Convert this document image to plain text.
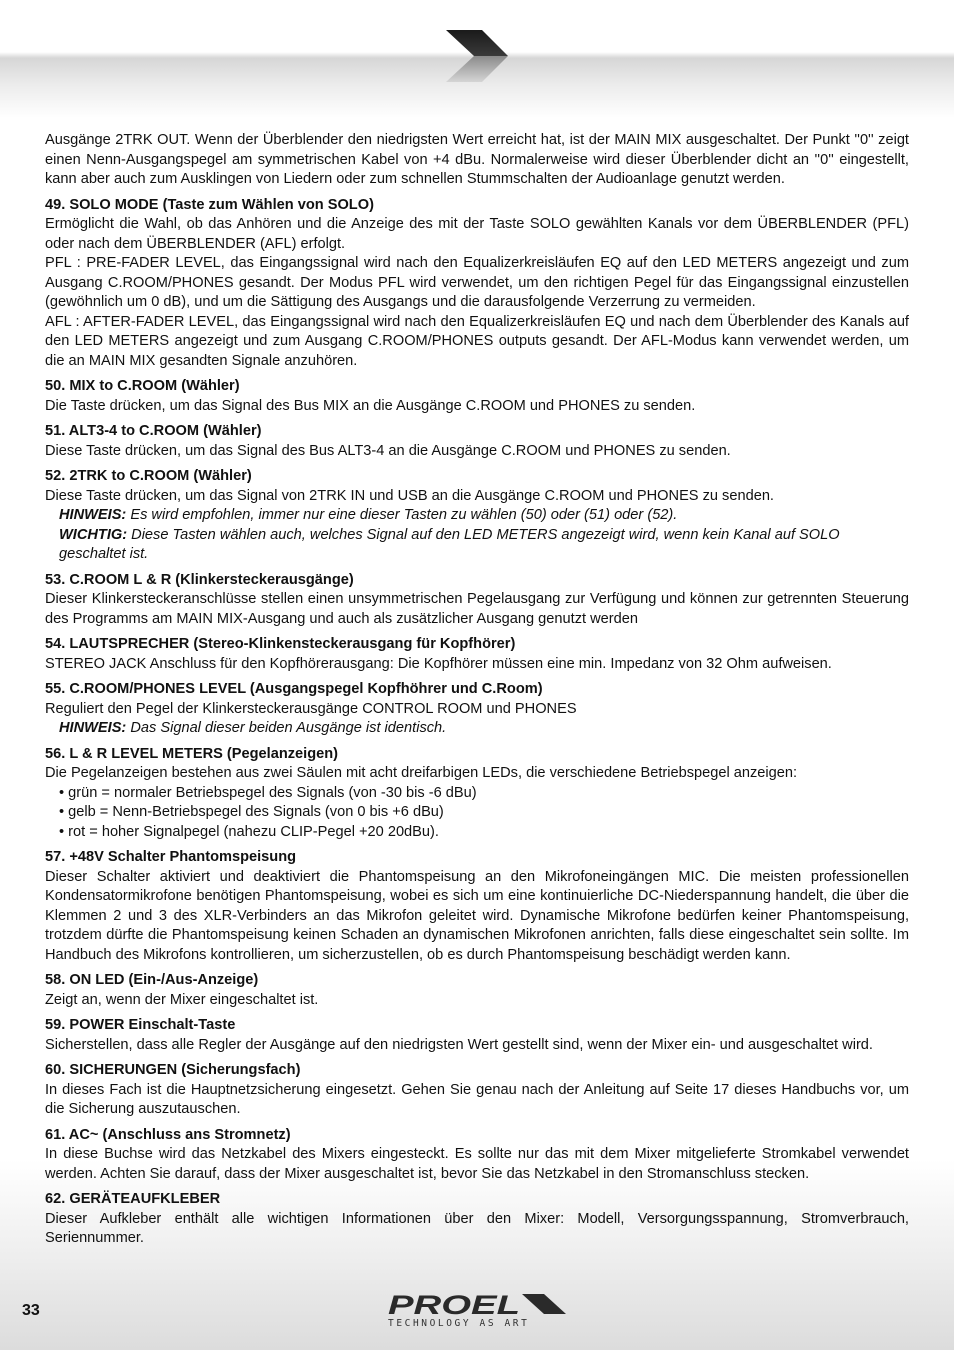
Ausgänge 2TRK OUT. Wenn der Überblender den niedrigsten Wert erreicht hat, ist der MAIN MIX ausgeschaltet. Der Punkt ''0'' zeigt einen Nenn-Ausgangspegel am symmetrischen Kabel von +4 dBu. Normalerweise wird dieser Überblender dicht an ''0'' eingestellt, kann aber auch zum Ausklingen von Liedern oder zum schnellen Stummschalten der Audioanlage genutzt werden.

49. SOLO MODE (Taste zum Wählen von SOLO)

Ermöglicht die Wahl, ob das Anhören und die Anzeige des mit der Taste SOLO gewählten Kanals vor dem ÜBERBLENDER (PFL) oder nach dem ÜBERBLENDER (AFL) erfolgt.

PFL : PRE-FADER LEVEL, das Eingangssignal wird nach den Equalizerkreisläufen EQ auf den LED METERS angezeigt und zum Ausgang C.ROOM/PHONES gesandt. Der Modus PFL wird verwendet, um den richtigen Pegel für das Eingangssignal einzustellen (gewöhnlich um 0 dB), und um die Sättigung des Ausgangs und die darausfolgende Verzerrung zu vermeiden.

AFL : AFTER-FADER LEVEL, das Eingangssignal wird nach den Equalizerkreisläufen EQ und nach dem Überblender des Kanals auf den LED METERS angezeigt und zum Ausgang C.ROOM/PHONES outputs gesandt. Der AFL-Modus kann verwendet werden, um die an MAIN MIX gesandten Signale anzuhören.

50. MIX to C.ROOM (Wähler)

Die Taste drücken, um das Signal des Bus MIX an die Ausgänge C.ROOM und PHONES zu senden.

51. ALT3-4 to C.ROOM (Wähler)

Diese Taste drücken, um das Signal des Bus ALT3-4 an die Ausgänge C.ROOM und PHONES zu senden.

52. 2TRK to C.ROOM (Wähler)

Diese Taste drücken, um das Signal von 2TRK IN und USB an die Ausgänge C.ROOM und PHONES zu senden.

HINWEIS: Es wird empfohlen, immer nur eine dieser Tasten zu wählen (50) oder (51) oder (52).

WICHTIG: Diese Tasten wählen auch, welches Signal auf den LED METERS angezeigt wird, wenn kein Kanal auf SOLO geschaltet ist.

53. C.ROOM L & R (Klinkersteckerausgänge)

Dieser Klinkersteckeranschlüsse stellen einen unsymmetrischen Pegelausgang zur Verfügung und können zur getrennten Steuerung des Programms am MAIN MIX-Ausgang und auch als zusätzlicher Ausgang genutzt werden

54. LAUTSPRECHER (Stereo-Klinkensteckerausgang für Kopfhörer)

STEREO JACK Anschluss für den Kopfhörerausgang: Die Kopfhörer müssen eine min. Impedanz von 32 Ohm aufweisen.

55. C.ROOM/PHONES LEVEL (Ausgangspegel Kopfhöhrer und C.Room)

Reguliert den Pegel der Klinkersteckerausgänge CONTROL ROOM und PHONES

HINWEIS: Das Signal dieser beiden Ausgänge ist identisch.

56. L & R LEVEL METERS (Pegelanzeigen)

Die Pegelanzeigen bestehen aus zwei Säulen mit acht dreifarbigen LEDs, die verschiedene Betriebspegel anzeigen:

• grün = normaler Betriebspegel des Signals (von -30 bis -6 dBu)

• gelb = Nenn-Betriebspegel des Signals (von 0 bis +6 dBu)

• rot = hoher Signalpegel (nahezu CLIP-Pegel +20 20dBu).

57. +48V Schalter Phantomspeisung

Dieser Schalter aktiviert und deaktiviert die Phantomspeisung an den Mikrofoneingängen MIC. Die meisten professionellen Kondensatormikrofone benötigen Phantomspeisung, wobei es sich um eine kontinuierliche DC-Niederspannung handelt, die über die Klemmen 2 und 3 des XLR-Verbinders an das Mikrofon geleitet wird. Dynamische Mikrofone bedürfen keiner Phantomspeisung, trotzdem dürfte die Phantomspeisung keinen Schaden an dynamischen Mikrofonen anrichten, falls diese eingeschaltet sein sollte. Im Handbuch des Mikrofons kontrollieren, um sicherzustellen, ob es durch Phantomspeisung beschädigt werden kann.

58. ON LED (Ein-/Aus-Anzeige)

Zeigt an, wenn der Mixer eingeschaltet ist.

59. POWER Einschalt-Taste

Sicherstellen, dass alle Regler der Ausgänge auf den niedrigsten Wert gestellt sind, wenn der Mixer ein- und ausgeschaltet wird.

60. SICHERUNGEN (Sicherungsfach)

In dieses Fach ist die Hauptnetzsicherung eingesetzt. Gehen Sie genau nach der Anleitung auf Seite 17 dieses Handbuchs vor, um die Sicherung auszutauschen.

61. AC~ (Anschluss ans Stromnetz)

In diese Buchse wird das Netzkabel des Mixers eingesteckt. Es sollte nur das mit dem Mixer mitgelieferte Stromkabel verwendet werden. Achten Sie darauf, dass der Mixer ausgeschaltet ist, bevor Sie das Netzkabel in den Stromanschluss stecken.

62. GERÄTEAUFKLEBER

Dieser Aufkleber enthält alle wichtigen Informationen über den Mixer: Modell, Versorgungsspannung, Stromverbrauch, Seriennummer.

33	PROEL
TECHNOLOGY AS ART
